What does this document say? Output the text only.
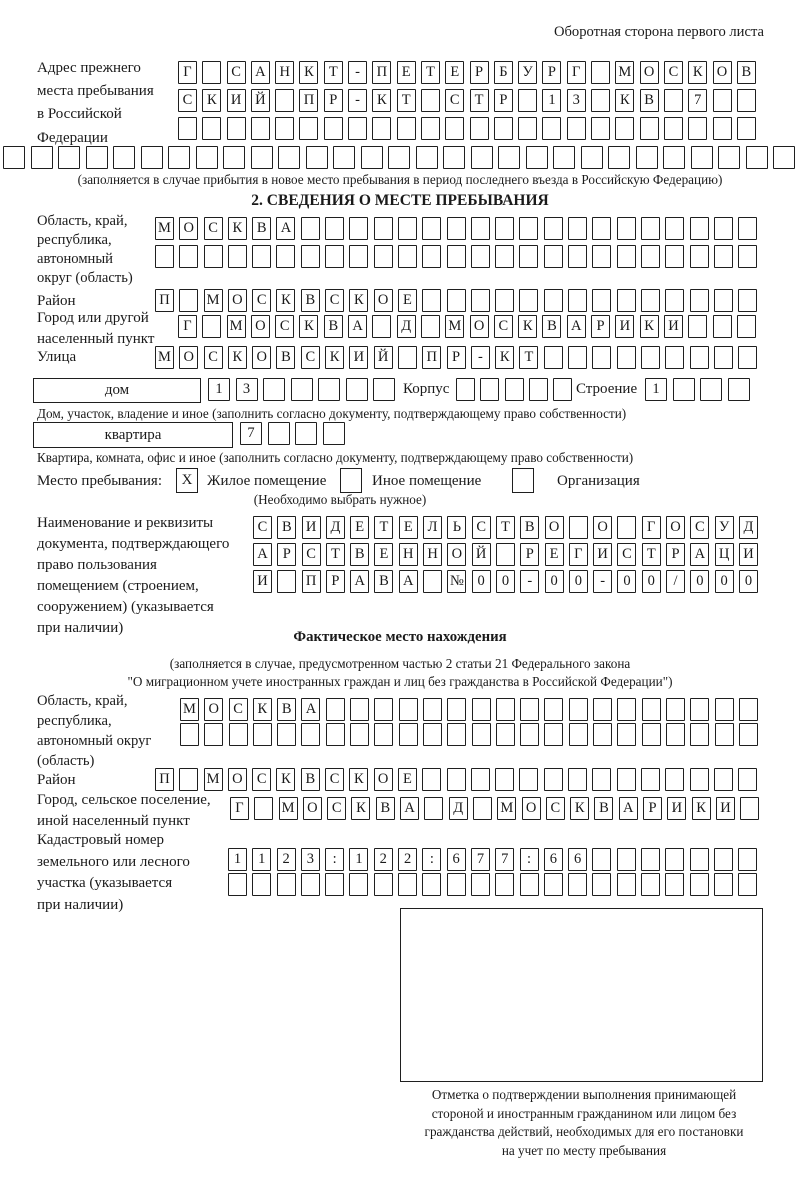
Оборотная сторона первого листа
Адрес прежнего
места пребывания
в Российской
Федерации
Г	С А Н К	Т	-	П	Е	Т	Е	Р	Б	У	Р	Г	М О С	К О В
С	К И Й	П	Р	-	К	Т	С	Т	Р	1	3	К	В	7
(заполняется в случае прибытия в новое место пребывания в период последнего въезда в Российскую Федерацию)
2. СВЕДЕНИЯ О МЕСТЕ ПРЕБЫВАНИЯ
Область, край,
республика,
автономный
округ (область)
М О С	К	В А
Район	П	М О С	К	В	С	К О	Е
Город или другой
населенный пункт
Г	М О С	К	В А	Д	М О С	К	В А	Р	И К И
Улица	М О С	К О В	С	К И Й	П	Р	-	К	Т
дом	1	3	Корпус	Строение	1
Дом, участок, владение и иное (заполнить согласно документу, подтверждающему право собственности)
квартира	7
Квартира, комната, офис и иное (заполнить согласно документу, подтверждающему право собственности)
Место пребывания:	X Жилое помещение	Иное помещение	Организация
(Необходимо выбрать нужное)
Наименование и реквизиты
документа, подтверждающего
право пользования
помещением (строением,
сооружением) (указывается
при наличии)
С	В И Д	Е	Т	Е	Л	Ь	С	Т	В О	О	Г	О С У Д
А	Р	С	Т	В	Е	Н Н О Й	Р	Е	Г	И С	Т	Р	А Ц И
И	П	Р	А В А	№ 0	0	-	0	0	-	0	0	/	0	0	0
Фактическое место нахождения
(заполняется в случае, предусмотренном частью 2 статьи 21 Федерального закона
"О миграционном учете иностранных граждан и лиц без гражданства в Российской Федерации")
Область, край,
республика,
автономный округ
(область)
М О С	К	В А
Район	П	М О С	К	В	С	К О	Е
Город, сельское поселение,
иной населенный пункт
Г	М О С	К	В А	Д	М О С	К	В А	Р	И К И
Кадастровый номер
земельного или лесного
участка (указывается
при наличии)
1	1	2	3	:	1	2	2	:	6	7	7	:	6	6
Отметка о подтверждении выполнения принимающей
стороной и иностранным гражданином или лицом без
гражданства действий, необходимых для его постановки
на учет по месту пребывания
